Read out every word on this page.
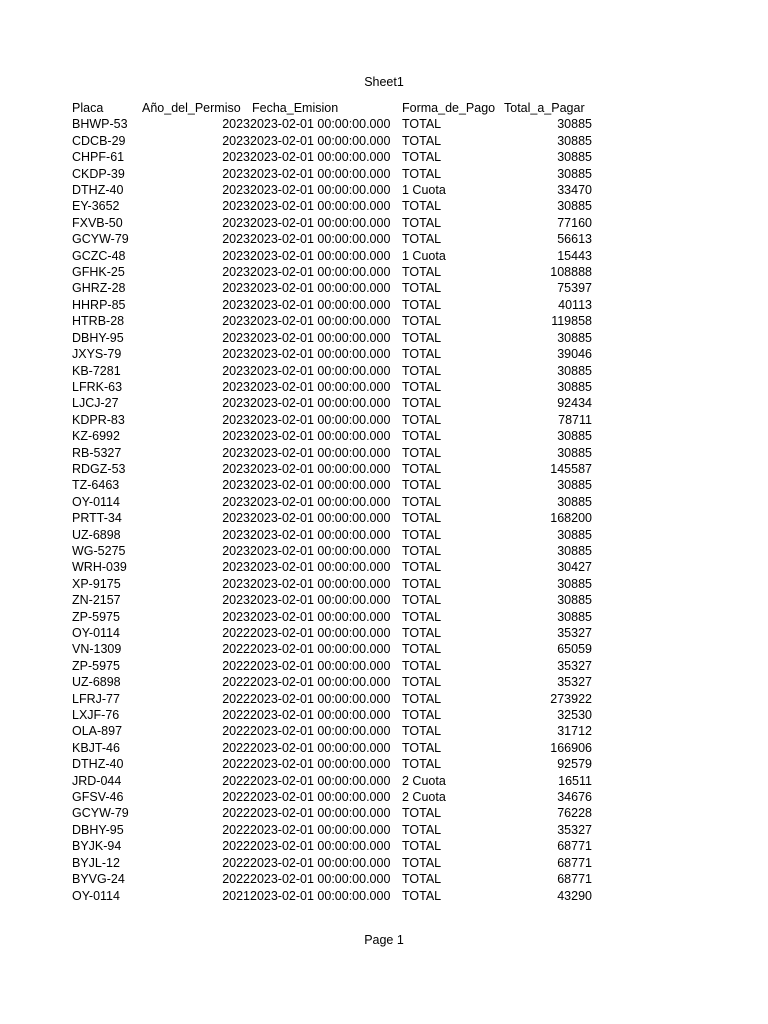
Sheet1
Placa	Año_del_Permiso	Fecha_Emision	Forma_de_Pago	Total_a_Pagar
BHWP-53	2023	2023-02-01 00:00:00.000	TOTAL	30885
CDCB-29	2023	2023-02-01 00:00:00.000	TOTAL	30885
CHPF-61	2023	2023-02-01 00:00:00.000	TOTAL	30885
CKDP-39	2023	2023-02-01 00:00:00.000	TOTAL	30885
DTHZ-40	2023	2023-02-01 00:00:00.000	1 Cuota	33470
EY-3652	2023	2023-02-01 00:00:00.000	TOTAL	30885
FXVB-50	2023	2023-02-01 00:00:00.000	TOTAL	77160
GCYW-79	2023	2023-02-01 00:00:00.000	TOTAL	56613
GCZC-48	2023	2023-02-01 00:00:00.000	1 Cuota	15443
GFHK-25	2023	2023-02-01 00:00:00.000	TOTAL	108888
GHRZ-28	2023	2023-02-01 00:00:00.000	TOTAL	75397
HHRP-85	2023	2023-02-01 00:00:00.000	TOTAL	40113
HTRB-28	2023	2023-02-01 00:00:00.000	TOTAL	119858
DBHY-95	2023	2023-02-01 00:00:00.000	TOTAL	30885
JXYS-79	2023	2023-02-01 00:00:00.000	TOTAL	39046
KB-7281	2023	2023-02-01 00:00:00.000	TOTAL	30885
LFRK-63	2023	2023-02-01 00:00:00.000	TOTAL	30885
LJCJ-27	2023	2023-02-01 00:00:00.000	TOTAL	92434
KDPR-83	2023	2023-02-01 00:00:00.000	TOTAL	78711
KZ-6992	2023	2023-02-01 00:00:00.000	TOTAL	30885
RB-5327	2023	2023-02-01 00:00:00.000	TOTAL	30885
RDGZ-53	2023	2023-02-01 00:00:00.000	TOTAL	145587
TZ-6463	2023	2023-02-01 00:00:00.000	TOTAL	30885
OY-0114	2023	2023-02-01 00:00:00.000	TOTAL	30885
PRTT-34	2023	2023-02-01 00:00:00.000	TOTAL	168200
UZ-6898	2023	2023-02-01 00:00:00.000	TOTAL	30885
WG-5275	2023	2023-02-01 00:00:00.000	TOTAL	30885
WRH-039	2023	2023-02-01 00:00:00.000	TOTAL	30427
XP-9175	2023	2023-02-01 00:00:00.000	TOTAL	30885
ZN-2157	2023	2023-02-01 00:00:00.000	TOTAL	30885
ZP-5975	2023	2023-02-01 00:00:00.000	TOTAL	30885
OY-0114	2022	2023-02-01 00:00:00.000	TOTAL	35327
VN-1309	2022	2023-02-01 00:00:00.000	TOTAL	65059
ZP-5975	2022	2023-02-01 00:00:00.000	TOTAL	35327
UZ-6898	2022	2023-02-01 00:00:00.000	TOTAL	35327
LFRJ-77	2022	2023-02-01 00:00:00.000	TOTAL	273922
LXJF-76	2022	2023-02-01 00:00:00.000	TOTAL	32530
OLA-897	2022	2023-02-01 00:00:00.000	TOTAL	31712
KBJT-46	2022	2023-02-01 00:00:00.000	TOTAL	166906
DTHZ-40	2022	2023-02-01 00:00:00.000	TOTAL	92579
JRD-044	2022	2023-02-01 00:00:00.000	2 Cuota	16511
GFSV-46	2022	2023-02-01 00:00:00.000	2 Cuota	34676
GCYW-79	2022	2023-02-01 00:00:00.000	TOTAL	76228
DBHY-95	2022	2023-02-01 00:00:00.000	TOTAL	35327
BYJK-94	2022	2023-02-01 00:00:00.000	TOTAL	68771
BYJL-12	2022	2023-02-01 00:00:00.000	TOTAL	68771
BYVG-24	2022	2023-02-01 00:00:00.000	TOTAL	68771
OY-0114	2021	2023-02-01 00:00:00.000	TOTAL	43290
Page 1
